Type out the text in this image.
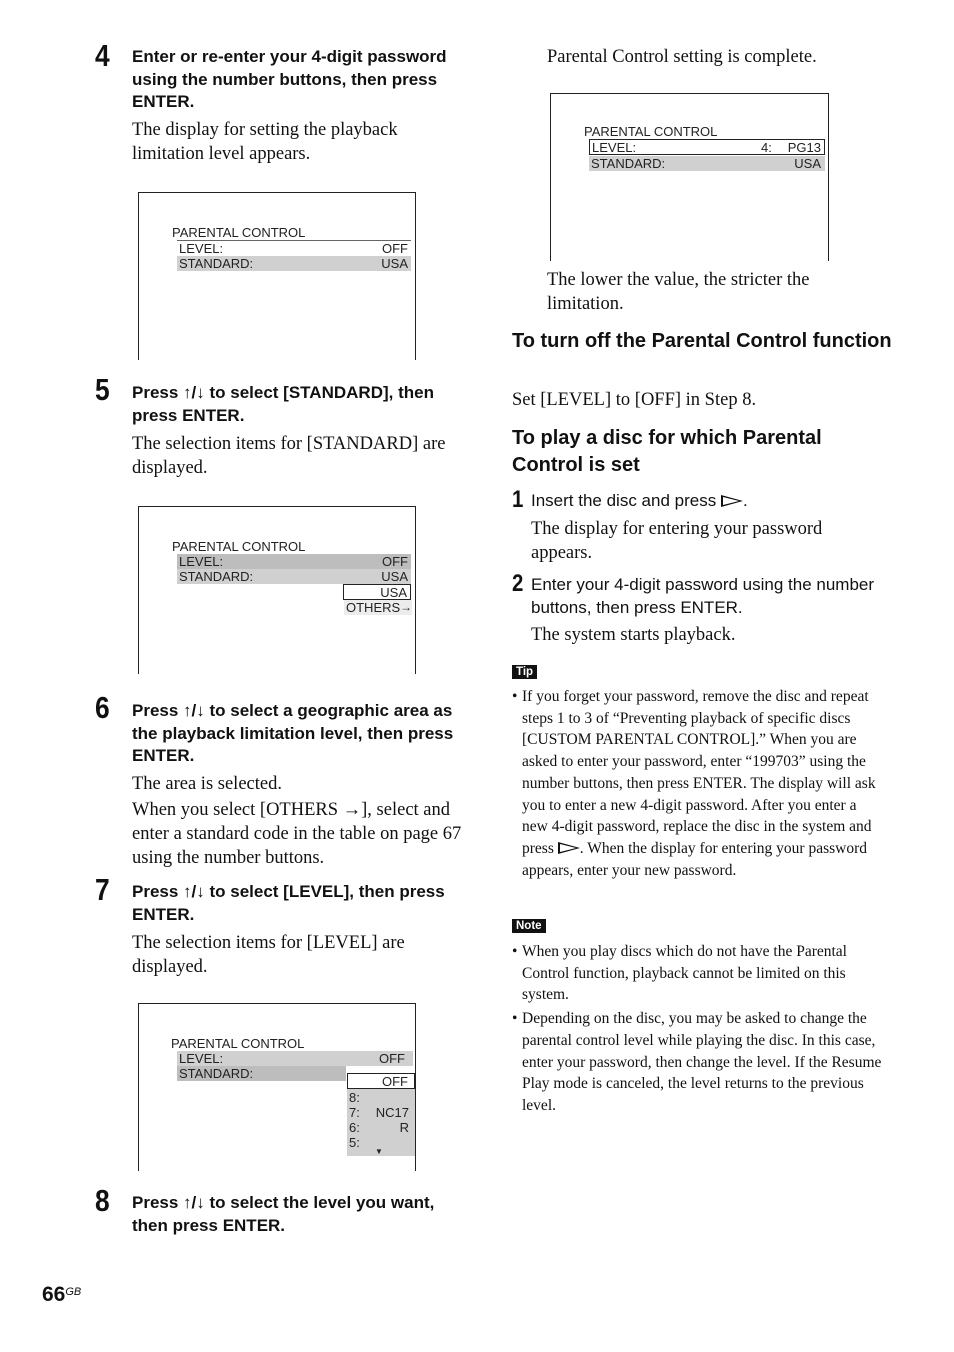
4 Enter or re-enter your 4-digit password using the number buttons, then press ENTER.
The display for setting the playback limitation level appears.
PARENTAL CONTROL
LEVEL:	OFF
STANDARD:	USA
5 Press ↑/↓ to select [STANDARD], then press ENTER.
The selection items for [STANDARD] are displayed.
PARENTAL CONTROL
LEVEL:	OFF
STANDARD:	USA
USA
OTHERS →
6 Press ↑/↓ to select a geographic area as the playback limitation level, then press ENTER.
The area is selected.
When you select [OTHERS →], select and enter a standard code in the table on page 67 using the number buttons.
7 Press ↑/↓ to select [LEVEL], then press ENTER.
The selection items for [LEVEL] are displayed.
PARENTAL CONTROL
LEVEL:	OFF
STANDARD:
OFF
8:
7: NC17
6:	R
5:
▼
8 Press ↑/↓ to select the level you want, then press ENTER.
Parental Control setting is complete.
PARENTAL CONTROL
LEVEL:	4: PG13
STANDARD:	USA
The lower the value, the stricter the limitation.
To turn off the Parental Control function
Set [LEVEL] to [OFF] in Step 8.
To play a disc for which Parental Control is set
1 Insert the disc and press .
The display for entering your password appears.
2 Enter your 4-digit password using the number buttons, then press ENTER.
The system starts playback.
Tip
• If you forget your password, remove the disc and repeat steps 1 to 3 of “Preventing playback of specific discs [CUSTOM PARENTAL CONTROL].” When you are asked to enter your password, enter “199703” using the number buttons, then press ENTER. The display will ask you to enter a new 4-digit password. After you enter a new 4-digit password, replace the disc in the system and press . When the display for entering your password appears, enter your new password.
Note
• When you play discs which do not have the Parental Control function, playback cannot be limited on this system.
• Depending on the disc, you may be asked to change the parental control level while playing the disc. In this case, enter your password, then change the level. If the Resume Play mode is canceled, the level returns to the previous level.
$66^{GB}$
